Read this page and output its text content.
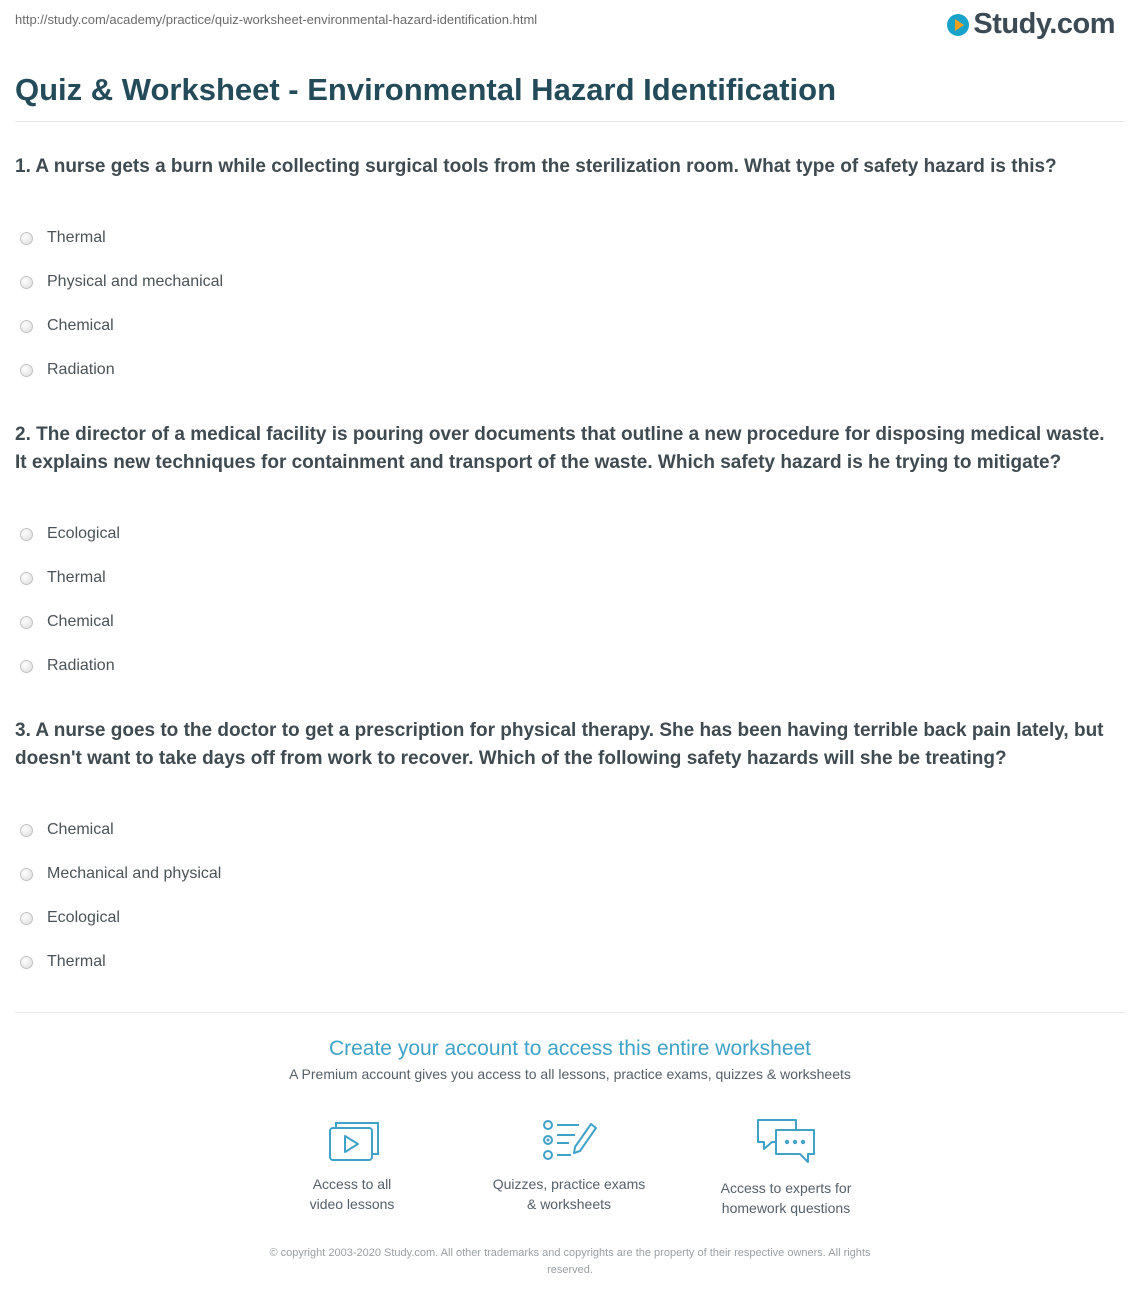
http://study.com/academy/practice/quiz-worksheet-environmental-hazard-identification.html	Study.com
Quiz & Worksheet - Environmental Hazard Identification
1. A nurse gets a burn while collecting surgical tools from the sterilization room. What type of safety hazard is this?
Thermal
Physical and mechanical
Chemical
Radiation
2. The director of a medical facility is pouring over documents that outline a new procedure for disposing medical waste. It explains new techniques for containment and transport of the waste. Which safety hazard is he trying to mitigate?
Ecological
Thermal
Chemical
Radiation
3. A nurse goes to the doctor to get a prescription for physical therapy. She has been having terrible back pain lately, but doesn't want to take days off from work to recover. Which of the following safety hazards will she be treating?
Chemical
Mechanical and physical
Ecological
Thermal
Create your account to access this entire worksheet
A Premium account gives you access to all lessons, practice exams, quizzes & worksheets
Access to all
video lessons
Quizzes, practice exams
& worksheets
Access to experts for
homework questions
© copyright 2003-2020 Study.com. All other trademarks and copyrights are the property of their respective owners. All rights
reserved.
